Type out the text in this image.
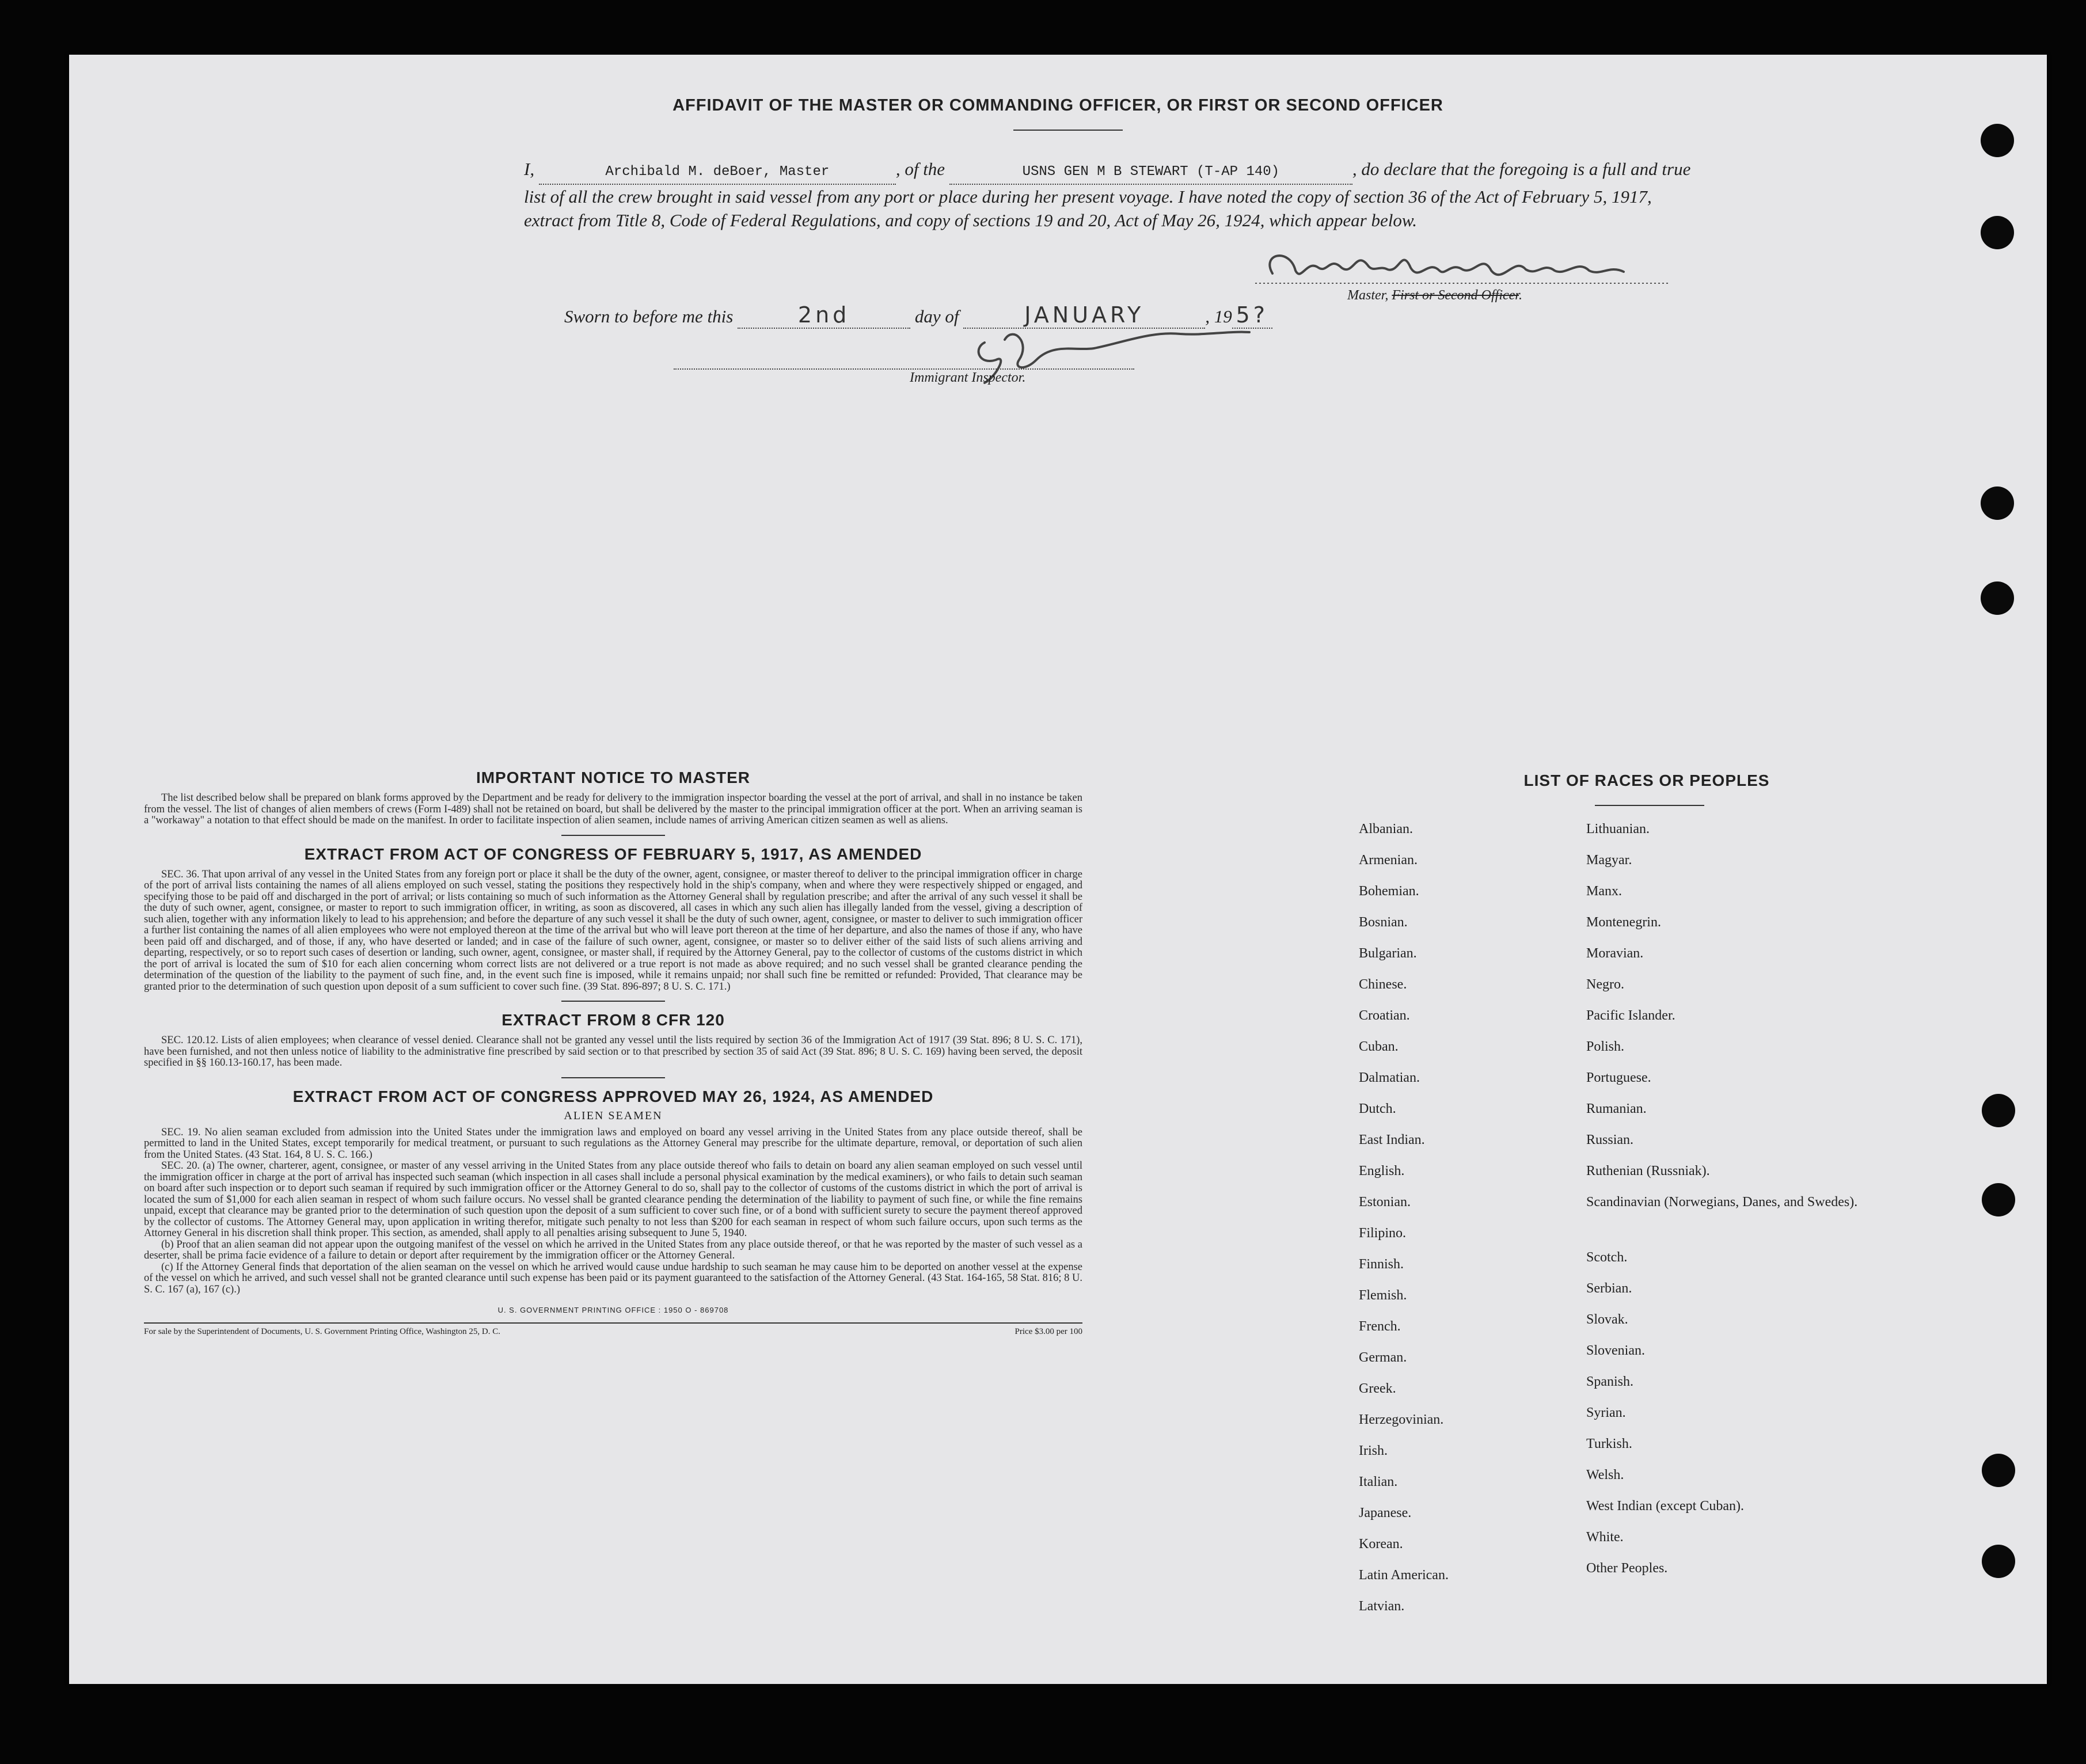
AFFIDAVIT OF THE MASTER OR COMMANDING OFFICER, OR FIRST OR SECOND OFFICER
I,	Archibald M. deBoer, Master	, of the	USNS GEN M B STEWART (T-AP 140)	, do declare that the foregoing is a full and true list of all the crew brought in said vessel from any port or place during her present voyage. I have noted the copy of section 36 of the Act of February 5, 1917, extract from Title 8, Code of Federal Regulations, and copy of sections 19 and 20, Act of May 26, 1924, which appear below.
Master, First or Second Officer.
Sworn to before me this	2nd	day of	JANUARY	, 19 5?
Immigrant Inspector.
IMPORTANT NOTICE TO MASTER

The list described below shall be prepared on blank forms approved by the Department and be ready for delivery to the immigration inspector boarding the vessel at the port of arrival, and shall in no instance be taken from the vessel. The list of changes of alien members of crews (Form I-489) shall not be retained on board, but shall be delivered by the master to the principal immigration officer at the port. When an arriving seaman is a "workaway" a notation to that effect should be made on the manifest. In order to facilitate inspection of alien seamen, include names of arriving American citizen seamen as well as aliens.

EXTRACT FROM ACT OF CONGRESS OF FEBRUARY 5, 1917, AS AMENDED

SEC. 36. That upon arrival of any vessel in the United States from any foreign port or place it shall be the duty of the owner, agent, consignee, or master thereof to deliver to the principal immigration officer in charge of the port of arrival lists containing the names of all aliens employed on such vessel, stating the positions they respectively hold in the ship's company, when and where they were respectively shipped or engaged, and specifying those to be paid off and discharged in the port of arrival; or lists containing so much of such information as the Attorney General shall by regulation prescribe; and after the arrival of any such vessel it shall be the duty of such owner, agent, consignee, or master to report to such immigration officer, in writing, as soon as discovered, all cases in which any such alien has illegally landed from the vessel, giving a description of such alien, together with any information likely to lead to his apprehension; and before the departure of any such vessel it shall be the duty of such owner, agent, consignee, or master to deliver to such immigration officer a further list containing the names of all alien employees who were not employed thereon at the time of the arrival but who will leave port thereon at the time of her departure, and also the names of those if any, who have been paid off and discharged, and of those, if any, who have deserted or landed; and in case of the failure of such owner, agent, consignee, or master so to deliver either of the said lists of such aliens arriving and departing, respectively, or so to report such cases of desertion or landing, such owner, agent, consignee, or master shall, if required by the Attorney General, pay to the collector of customs of the customs district in which the port of arrival is located the sum of $10 for each alien concerning whom correct lists are not delivered or a true report is not made as above required; and no such vessel shall be granted clearance pending the determination of the question of the liability to the payment of such fine, and, in the event such fine is imposed, while it remains unpaid; nor shall such fine be remitted or refunded: Provided, That clearance may be granted prior to the determination of such question upon deposit of a sum sufficient to cover such fine. (39 Stat. 896-897; 8 U. S. C. 171.)

EXTRACT FROM 8 CFR 120

SEC. 120.12. Lists of alien employees; when clearance of vessel denied. Clearance shall not be granted any vessel until the lists required by section 36 of the Immigration Act of 1917 (39 Stat. 896; 8 U. S. C. 171), have been furnished, and not then unless notice of liability to the administrative fine prescribed by said section or to that prescribed by section 35 of said Act (39 Stat. 896; 8 U. S. C. 169) having been served, the deposit specified in §§ 160.13-160.17, has been made.

EXTRACT FROM ACT OF CONGRESS APPROVED MAY 26, 1924, AS AMENDED
ALIEN SEAMEN

SEC. 19. No alien seaman excluded from admission into the United States under the immigration laws and employed on board any vessel arriving in the United States from any place outside thereof, shall be permitted to land in the United States, except temporarily for medical treatment, or pursuant to such regulations as the Attorney General may prescribe for the ultimate departure, removal, or deportation of such alien from the United States. (43 Stat. 164, 8 U. S. C. 166.)

SEC. 20. (a) The owner, charterer, agent, consignee, or master of any vessel arriving in the United States from any place outside thereof who fails to detain on board any alien seaman employed on such vessel until the immigration officer in charge at the port of arrival has inspected such seaman (which inspection in all cases shall include a personal physical examination by the medical examiners), or who fails to detain such seaman on board after such inspection or to deport such seaman if required by such immigration officer or the Attorney General to do so, shall pay to the collector of customs of the customs district in which the port of arrival is located the sum of $1,000 for each alien seaman in respect of whom such failure occurs. No vessel shall be granted clearance pending the determination of the liability to payment of such fine, or while the fine remains unpaid, except that clearance may be granted prior to the determination of such question upon the deposit of a sum sufficient to cover such fine, or of a bond with sufficient surety to secure the payment thereof approved by the collector of customs. The Attorney General may, upon application in writing therefor, mitigate such penalty to not less than $200 for each seaman in respect of whom such failure occurs, upon such terms as the Attorney General in his discretion shall think proper. This section, as amended, shall apply to all penalties arising subsequent to June 5, 1940.

(b) Proof that an alien seaman did not appear upon the outgoing manifest of the vessel on which he arrived in the United States from any place outside thereof, or that he was reported by the master of such vessel as a deserter, shall be prima facie evidence of a failure to detain or deport after requirement by the immigration officer or the Attorney General.

(c) If the Attorney General finds that deportation of the alien seaman on the vessel on which he arrived would cause undue hardship to such seaman he may cause him to be deported on another vessel at the expense of the vessel on which he arrived, and such vessel shall not be granted clearance until such expense has been paid or its payment guaranteed to the satisfaction of the Attorney General. (43 Stat. 164-165, 58 Stat. 816; 8 U. S. C. 167 (a), 167 (c).)

U. S. GOVERNMENT PRINTING OFFICE : 1950 O - 869708
For sale by the Superintendent of Documents, U. S. Government Printing Office, Washington 25, D. C.	Price $3.00 per 100
LIST OF RACES OR PEOPLES
Albanian.
Armenian.
Bohemian.
Bosnian.
Bulgarian.
Chinese.
Croatian.
Cuban.
Dalmatian.
Dutch.
East Indian.
English.
Estonian.
Filipino.
Finnish.
Flemish.
French.
German.
Greek.
Herzegovinian.
Irish.
Italian.
Japanese.
Korean.
Latin American.
Latvian.
Lithuanian.
Magyar.
Manx.
Montenegrin.
Moravian.
Negro.
Pacific Islander.
Polish.
Portuguese.
Rumanian.
Russian.
Ruthenian (Russniak).
Scandinavian (Norwegians, Danes, and Swedes).
Scotch.
Serbian.
Slovak.
Slovenian.
Spanish.
Syrian.
Turkish.
Welsh.
West Indian (except Cuban).
White.
Other Peoples.
